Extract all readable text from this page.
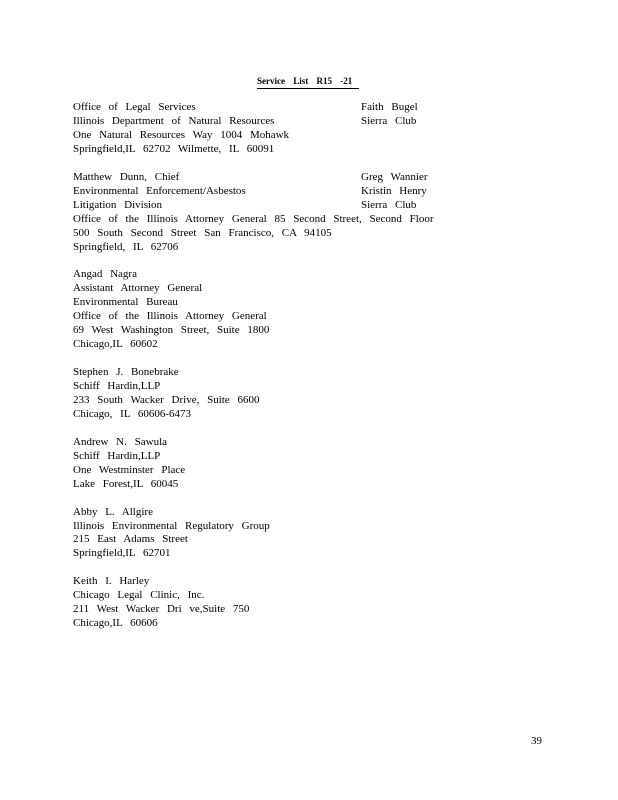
Service List R15 -21
Office of Legal Services
Illinois Department of Natural Resources
One Natural Resources Way 1004 Mohawk
Springfield,IL 62702 Wilmette, IL 60091
Matthew Dunn, Chief
Environmental Enforcement/Asbestos
Litigation Division
Office of the Illinois Attorney General 85 Second Street, Second Floor
500 South Second Street San Francisco, CA 94105
Springfield, IL 62706
Angad Nagra
Assistant Attorney General
Environmental Bureau
Office of the Illinois Attorney General
69 West Washington Street, Suite 1800
Chicago,IL 60602
Stephen J. Bonebrake
Schiff Hardin,LLP
233 South Wacker Drive, Suite 6600
Chicago, IL 60606-6473
Andrew N. Sawula
Schiff Hardin,LLP
One Westminster Place
Lake Forest,IL 60045
Abby L. Allgire
Illinois Environmental Regulatory Group
215 East Adams Street
Springfield,IL 62701
Keith I. Harley
Chicago Legal Clinic, Inc.
211 West Wacker Dri ve,Suite 750
Chicago,IL 60606
Faith Bugel
Sierra Club
Greg Wannier
Kristin Henry
Sierra Club
39
